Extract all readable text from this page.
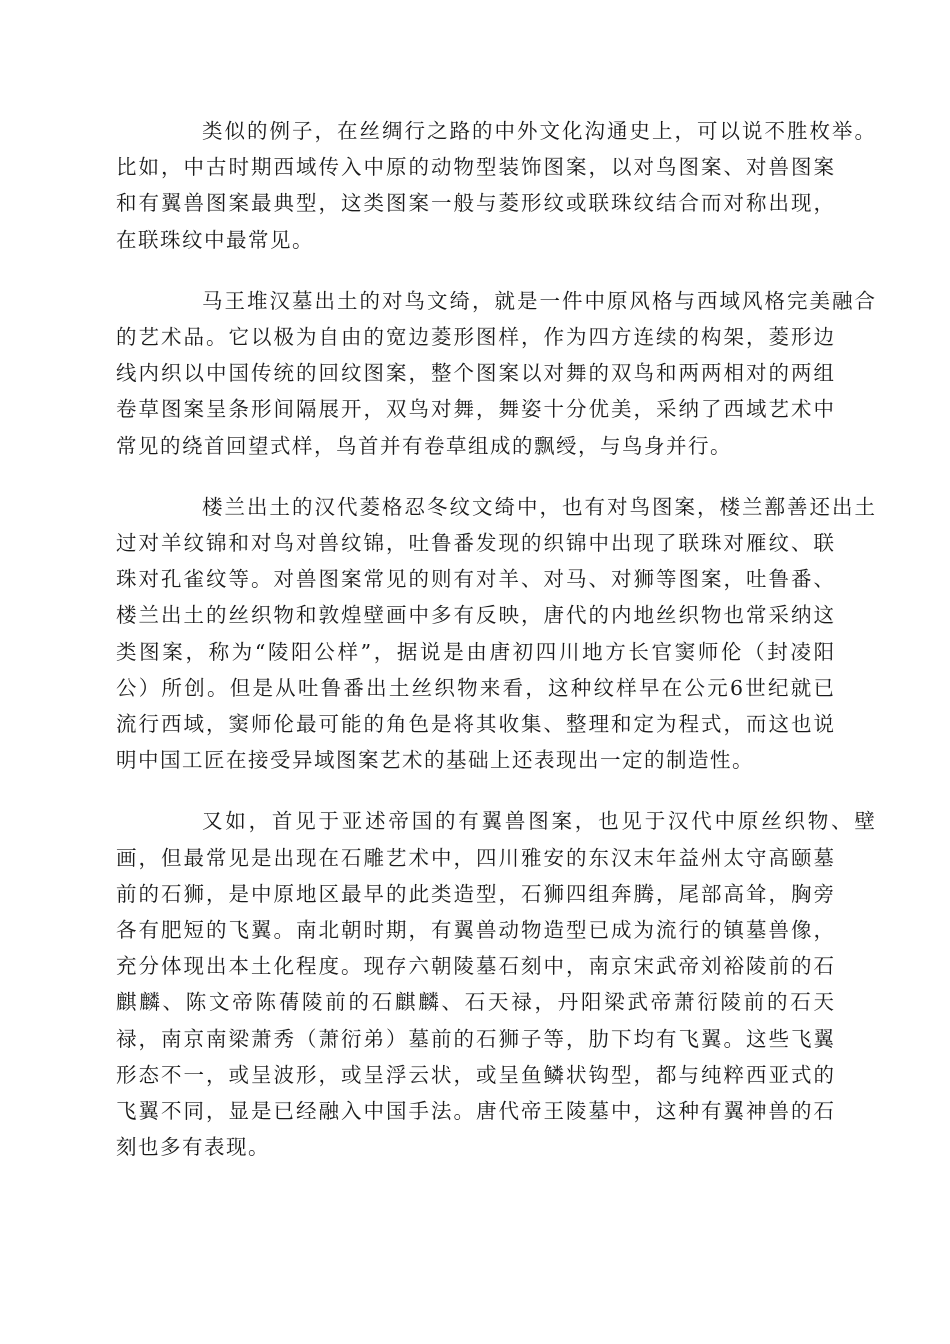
类似的例子，在丝绸行之路的中外文化沟通史上，可以说不胜枚举。
比如，中古时期西域传入中原的动物型装饰图案，以对鸟图案、对兽图案
和有翼兽图案最典型，这类图案一般与菱形纹或联珠纹结合而对称出现，
在联珠纹中最常见。

马王堆汉墓出土的对鸟文绮，就是一件中原风格与西域风格完美融合
的艺术品。它以极为自由的宽边菱形图样，作为四方连续的构架，菱形边
线内织以中国传统的回纹图案，整个图案以对舞的双鸟和两两相对的两组
卷草图案呈条形间隔展开，双鸟对舞，舞姿十分优美，采纳了西域艺术中
常见的绕首回望式样，鸟首并有卷草组成的飘绶，与鸟身并行。

楼兰出土的汉代菱格忍冬纹文绮中，也有对鸟图案，楼兰鄯善还出土
过对羊纹锦和对鸟对兽纹锦，吐鲁番发现的织锦中出现了联珠对雁纹、联
珠对孔雀纹等。对兽图案常见的则有对羊、对马、对狮等图案，吐鲁番、
楼兰出土的丝织物和敦煌壁画中多有反映，唐代的内地丝织物也常采纳这
类图案，称为“陵阳公样”，据说是由唐初四川地方长官窦师伦（封凌阳
公）所创。但是从吐鲁番出土丝织物来看，这种纹样早在公元6世纪就已
流行西域，窦师伦最可能的角色是将其收集、整理和定为程式，而这也说
明中国工匠在接受异域图案艺术的基础上还表现出一定的制造性。

又如，首见于亚述帝国的有翼兽图案，也见于汉代中原丝织物、壁
画，但最常见是出现在石雕艺术中，四川雅安的东汉末年益州太守高颐墓
前的石狮，是中原地区最早的此类造型，石狮四组奔腾，尾部高耸，胸旁
各有肥短的飞翼。南北朝时期，有翼兽动物造型已成为流行的镇墓兽像，
充分体现出本土化程度。现存六朝陵墓石刻中，南京宋武帝刘裕陵前的石
麒麟、陈文帝陈蒨陵前的石麒麟、石天禄，丹阳梁武帝萧衍陵前的石天
禄，南京南梁萧秀（萧衍弟）墓前的石狮子等，肋下均有飞翼。这些飞翼
形态不一，或呈波形，或呈浮云状，或呈鱼鳞状钩型，都与纯粹西亚式的
飞翼不同，显是已经融入中国手法。唐代帝王陵墓中，这种有翼神兽的石
刻也多有表现。
